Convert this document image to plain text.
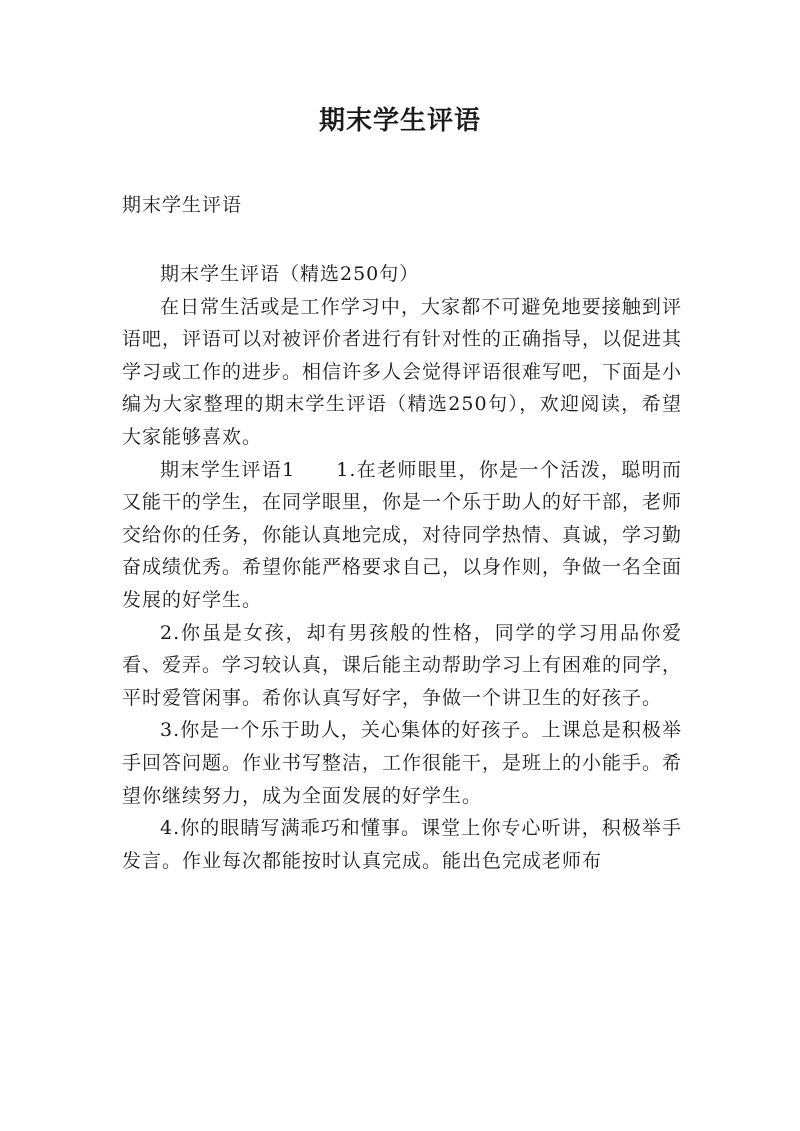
期末学生评语

期末学生评语

期末学生评语（精选250句）

在日常生活或是工作学习中，大家都不可避免地要接触到评语吧，评语可以对被评价者进行有针对性的正确指导，以促进其学习或工作的进步。相信许多人会觉得评语很难写吧，下面是小编为大家整理的期末学生评语（精选250句），欢迎阅读，希望大家能够喜欢。

期末学生评语1　　1.在老师眼里，你是一个活泼，聪明而又能干的学生，在同学眼里，你是一个乐于助人的好干部，老师交给你的任务，你能认真地完成，对待同学热情、真诚，学习勤奋成绩优秀。希望你能严格要求自己，以身作则，争做一名全面发展的好学生。

2.你虽是女孩，却有男孩般的性格，同学的学习用品你爱看、爱弄。学习较认真，课后能主动帮助学习上有困难的同学，平时爱管闲事。希你认真写好字，争做一个讲卫生的好孩子。

3.你是一个乐于助人，关心集体的好孩子。上课总是积极举手回答问题。作业书写整洁，工作很能干，是班上的小能手。希望你继续努力，成为全面发展的好学生。

4.你的眼睛写满乖巧和懂事。课堂上你专心听讲，积极举手发言。作业每次都能按时认真完成。能出色完成老师布
